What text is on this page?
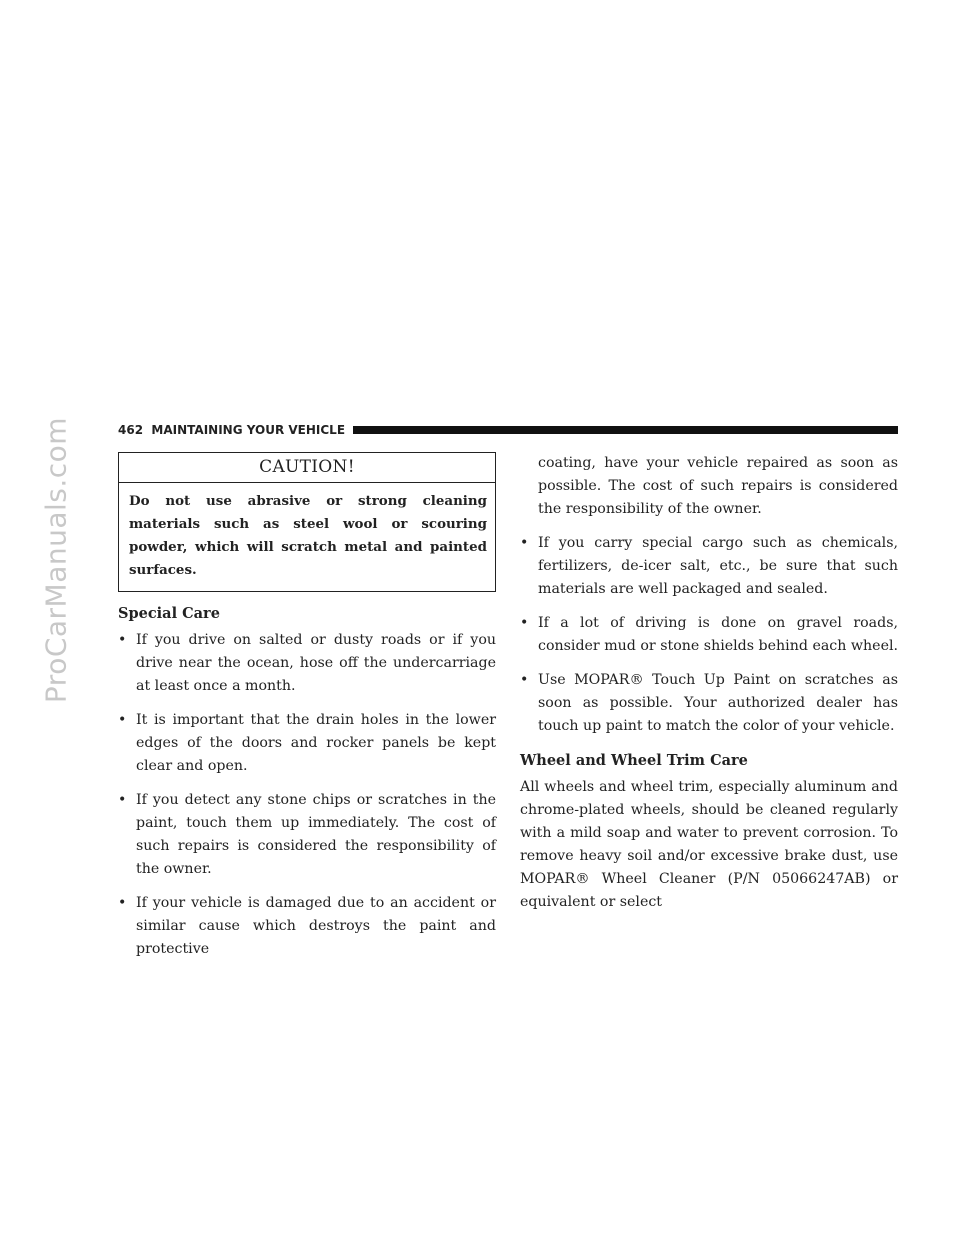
ProCarManuals.com	462 MAINTAINING YOUR VEHICLE
CAUTION!
Do not use abrasive or strong cleaning materials such as steel wool or scouring powder, which will scratch metal and painted surfaces.
Special Care
• If you drive on salted or dusty roads or if you drive near the ocean, hose off the undercarriage at least once a month.
• It is important that the drain holes in the lower edges of the doors and rocker panels be kept clear and open.
• If you detect any stone chips or scratches in the paint, touch them up immediately. The cost of such repairs is considered the responsibility of the owner.
• If your vehicle is damaged due to an accident or similar cause which destroys the paint and protective
coating, have your vehicle repaired as soon as possible. The cost of such repairs is considered the responsibility of the owner.
• If you carry special cargo such as chemicals, fertilizers, de-icer salt, etc., be sure that such materials are well packaged and sealed.
• If a lot of driving is done on gravel roads, consider mud or stone shields behind each wheel.
• Use MOPAR® Touch Up Paint on scratches as soon as possible. Your authorized dealer has touch up paint to match the color of your vehicle.
Wheel and Wheel Trim Care
All wheels and wheel trim, especially aluminum and chrome-plated wheels, should be cleaned regularly with a mild soap and water to prevent corrosion. To remove heavy soil and/or excessive brake dust, use MOPAR® Wheel Cleaner (P/N 05066247AB) or equivalent or select
